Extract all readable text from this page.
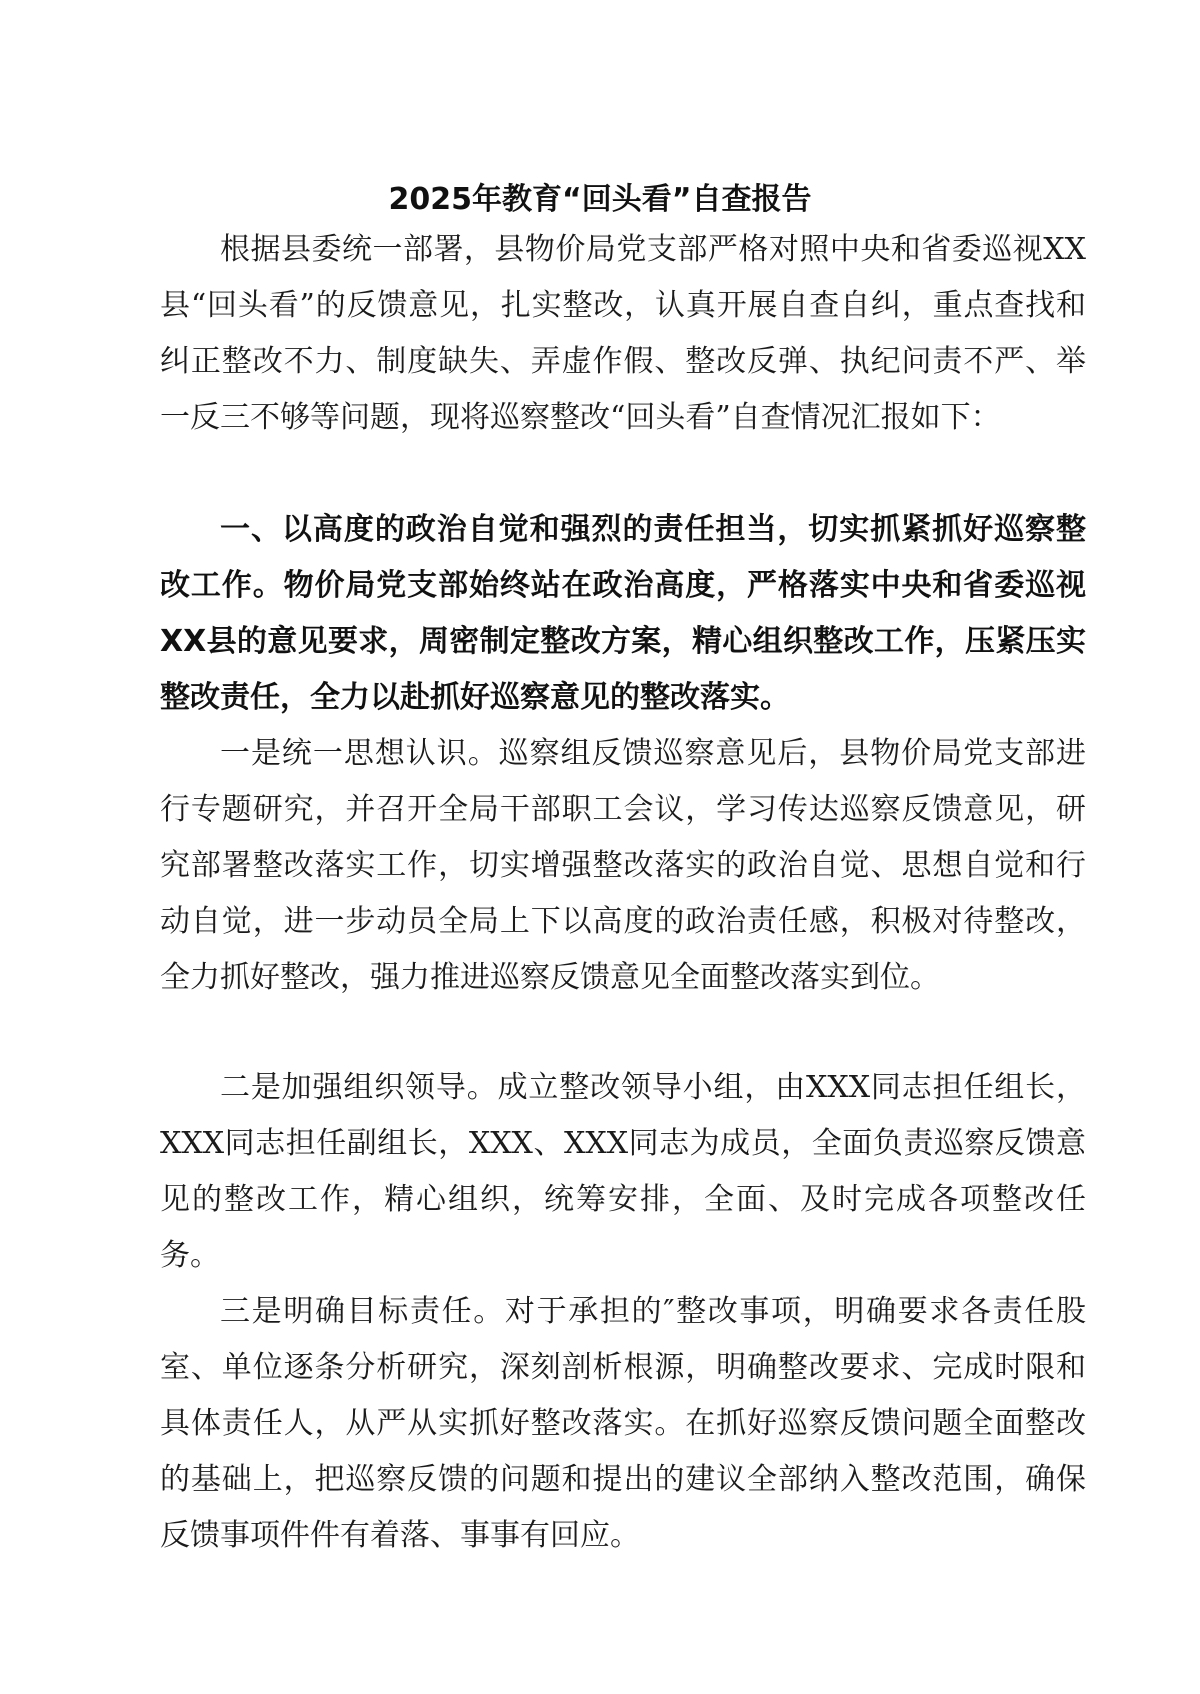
2025年教育“回头看”自查报告

根据县委统一部署，县物价局党支部严格对照中央和省委巡视XX县“回头看”的反馈意见，扎实整改，认真开展自查自纠，重点查找和纠正整改不力、制度缺失、弄虚作假、整改反弹、执纪问责不严、举一反三不够等问题，现将巡察整改“回头看”自查情况汇报如下：

一、以高度的政治自觉和强烈的责任担当，切实抓紧抓好巡察整改工作。物价局党支部始终站在政治高度，严格落实中央和省委巡视XX县的意见要求，周密制定整改方案，精心组织整改工作，压紧压实整改责任，全力以赴抓好巡察意见的整改落实。

一是统一思想认识。巡察组反馈巡察意见后，县物价局党支部进行专题研究，并召开全局干部职工会议，学习传达巡察反馈意见，研究部署整改落实工作，切实增强整改落实的政治自觉、思想自觉和行动自觉，进一步动员全局上下以高度的政治责任感，积极对待整改，全力抓好整改，强力推进巡察反馈意见全面整改落实到位。

二是加强组织领导。成立整改领导小组，由XXX同志担任组长，XXX同志担任副组长，XXX、XXX同志为成员，全面负责巡察反馈意见的整改工作，精心组织，统筹安排，全面、及时完成各项整改任务。

三是明确目标责任。对于承担的″整改事项，明确要求各责任股室、单位逐条分析研究，深刻剖析根源，明确整改要求、完成时限和具体责任人，从严从实抓好整改落实。在抓好巡察反馈问题全面整改的基础上，把巡察反馈的问题和提出的建议全部纳入整改范围，确保反馈事项件件有着落、事事有回应。
